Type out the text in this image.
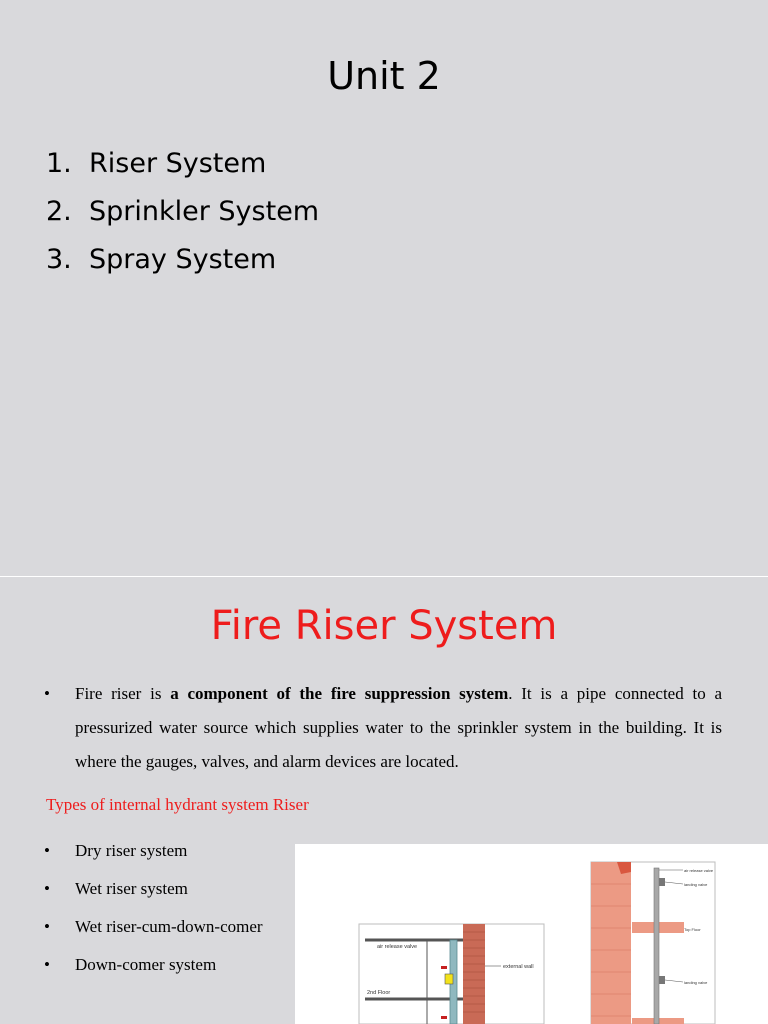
Unit 2
1. Riser System
2. Sprinkler System
3. Spray System
Fire Riser System
• Fire riser is a component of the fire suppression system. It is a pipe connected to a pressurized water source which supplies water to the sprinkler system in the building. It is where the gauges, valves, and alarm devices are located.
Types of internal hydrant system Riser
• Dry riser system
• Wet riser system
• Wet riser-cum-down-comer
• Down-comer system
air release valve
external wall
2nd Floor
air release valve
landing valve
Top Floor
landing valve
